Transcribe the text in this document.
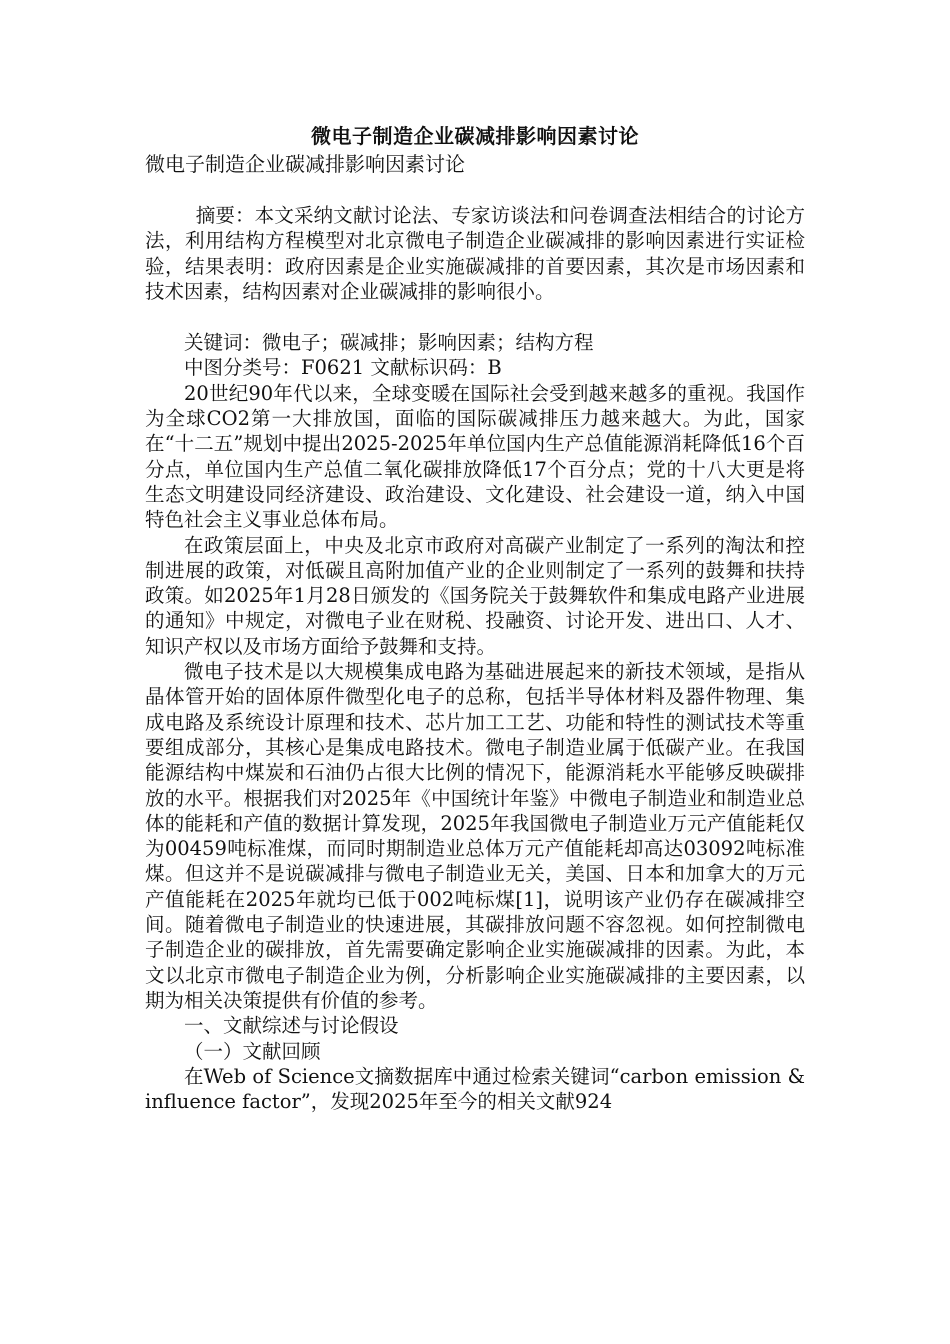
微电子制造企业碳减排影响因素讨论
微电子制造企业碳减排影响因素讨论

摘要：本文采纳文献讨论法、专家访谈法和问卷调查法相结合的讨论方法，利用结构方程模型对北京微电子制造企业碳减排的影响因素进行实证检验，结果表明：政府因素是企业实施碳减排的首要因素，其次是市场因素和技术因素，结构因素对企业碳减排的影响很小。

关键词：微电子；碳减排；影响因素；结构方程

中图分类号：F0621 文献标识码：B

20世纪90年代以来，全球变暖在国际社会受到越来越多的重视。我国作为全球CO2第一大排放国，面临的国际碳减排压力越来越大。为此，国家在“十二五”规划中提出2025-2025年单位国内生产总值能源消耗降低16个百分点，单位国内生产总值二氧化碳排放降低17个百分点；党的十八大更是将生态文明建设同经济建设、政治建设、文化建设、社会建设一道，纳入中国特色社会主义事业总体布局。

在政策层面上，中央及北京市政府对高碳产业制定了一系列的淘汰和控制进展的政策，对低碳且高附加值产业的企业则制定了一系列的鼓舞和扶持政策。如2025年1月28日颁发的《国务院关于鼓舞软件和集成电路产业进展的通知》中规定，对微电子业在财税、投融资、讨论开发、进出口、人才、知识产权以及市场方面给予鼓舞和支持。

微电子技术是以大规模集成电路为基础进展起来的新技术领域，是指从晶体管开始的固体原件微型化电子的总称，包括半导体材料及器件物理、集成电路及系统设计原理和技术、芯片加工工艺、功能和特性的测试技术等重要组成部分，其核心是集成电路技术。微电子制造业属于低碳产业。在我国能源结构中煤炭和石油仍占很大比例的情况下，能源消耗水平能够反映碳排放的水平。根据我们对2025年《中国统计年鉴》中微电子制造业和制造业总体的能耗和产值的数据计算发现，2025年我国微电子制造业万元产值能耗仅为00459吨标准煤，而同时期制造业总体万元产值能耗却高达03092吨标准煤。但这并不是说碳减排与微电子制造业无关，美国、日本和加拿大的万元产值能耗在2025年就均已低于002吨标煤[1]，说明该产业仍存在碳减排空间。随着微电子制造业的快速进展，其碳排放问题不容忽视。如何控制微电子制造企业的碳排放，首先需要确定影响企业实施碳减排的因素。为此，本文以北京市微电子制造企业为例，分析影响企业实施碳减排的主要因素，以期为相关决策提供有价值的参考。

一、文献综述与讨论假设

（一）文献回顾

在Web of Science文摘数据库中通过检索关键词“carbon emission & influence factor”，发现2025年至今的相关文献924
